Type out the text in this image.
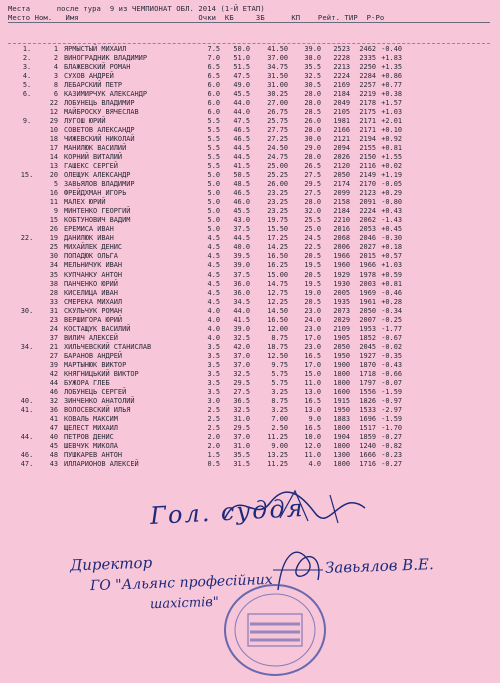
Места      после тура  9 из ЧЕМПИОНАТ ОБЛ. 2014 (1-Й ЕТАП)
Место Ном.   Имя                           Очки  КБ     ЗБ      КП    Рейт. ТИР  Р-Ро
1.	1 ЯРМЫСТЫЙ МИХАИЛ	7.5	50.0	41.50	39.0	2523	2462 -0.40
2.	2 ВИНОГРАДНИК ВЛАДИМИР	7.0	51.0	37.00	38.0	2228	2335 +1.83
3.	4 БЛАЖЕВСКИЙ РОМАН	6.5	51.5	34.75	35.5	2213	2250 +1.35
4.	3 СУХОВ АНДРЕЙ	6.5	47.5	31.50	32.5	2224	2284 +0.86
5.	8 ЛЕБАРСКИЙ ПЕТР	6.0	49.0	31.00	30.5	2169	2257 +0.77
6.	6 КАЗИМИРЧУК АЛЕКСАНДР	6.0	45.5	30.25	28.0	2184	2219 +0.38
22 ЛОБУНЕЦЬ ВЛАДИМИР	6.0	44.0	27.00	28.0	2049	2178 +1.57
12 МАЙБРОСКУ ВЯЧЕСЛАВ	6.0	44.0	26.75	28.5	2105	2175 +1.03
9.	29 ЛУГОШ ЮРИЙ	5.5	47.5	25.75	26.0	1981	2171 +2.01
10 СОВЕТОВ АЛЕКСАНДР	5.5	46.5	27.75	28.0	2166	2171 +0.10
18 ЧИЖЕВСКИЙ НИКОЛАЙ	5.5	46.5	27.25	30.0	2121	2194 +0.92
17 МАНИЛЮК ВАСИЛИЙ	5.5	44.5	24.50	29.0	2094	2155 +0.81
14 КОРНИЙ ВИТАЛИЙ	5.5	44.5	24.75	28.0	2026	2150 +1.55
13 ГАШЕКС СЕРГЕЙ	5.5	41.5	25.00	26.5	2120	2116 +0.02
15.	20 ОЛЕЩУК АЛЕКСАНДР	5.0	50.5	25.25	27.5	2050	2149 +1.19
5 ЗАВЬЯЛОВ ВЛАДИМИР	5.0	48.5	26.00	29.5	2174	2170 -0.05
16 ФРЕЙДХМАН ИГОРЬ	5.0	46.5	23.25	27.5	2099	2123 +0.29
11 МАЛЕХ ЮРИЙ	5.0	46.0	23.25	28.0	2158	2091 -0.80
9 МИНТЕНКО ГЕОРГИЙ	5.0	45.5	23.25	32.0	2184	2224 +0.43
15 КОБТУНОВИЧ ВАДИМ	5.0	43.0	19.75	25.5	2210	2062 -1.43
26 ЕРЕМИСА ИВАН	5.0	37.5	15.50	25.0	2016	2053 +0.45
22.	19 ДАНИЛЮК ИВАН	4.5	44.5	17.25	24.5	2068	2046 -0.30
25 МИХАЙЛЕК ДЕНИС	4.5	40.0	14.25	22.5	2006	2027 +0.18
30 ПОПАДЮК ОЛЬГА	4.5	39.5	16.50	20.5	1966	2015 +0.57
34 МЕЛЬНИЧУК ИВАН	4.5	39.0	16.25	19.5	1960	1966 +1.03
35 КУПЧАНКУ АНТОН	4.5	37.5	15.00	20.5	1929	1978 +0.59
38 ПАНЧЕНКО ЮРИЙ	4.5	36.0	14.75	19.5	1930	2003 +0.81
28 КИСЕЛИЦА ИВАН	4.5	36.0	12.75	19.0	2005	1969 -0.46
33 СМЕРЕКА МИХАИЛ	4.5	34.5	12.25	20.5	1935	1961 +0.28
30.	31 СКУЛЬЧУК РОМАН	4.0	44.0	14.50	23.0	2073	2050 -0.34
23 ВЕРШИГОРА ЮРИЙ	4.0	41.5	16.50	24.0	2029	2007 -0.25
24 КОСТАЩУК ВАСИЛИЙ	4.0	39.0	12.00	23.0	2109	1953 -1.77
37 ВИЛИЧ АЛЕКСЕЙ	4.0	32.5	8.75	17.0	1905	1852 -0.67
34.	21 ХИЛЬЧЕВСКИЙ СТАНИСЛАВ	3.5	42.0	18.75	23.0	2050	2045 -0.02
27 БАРАНОВ АНДРЕЙ	3.5	37.0	12.50	16.5	1950	1927 -0.35
39 МАРТЫНЮК ВИКТОР	3.5	37.0	9.75	17.0	1900	1870 -0.43
42 КНЯГНИЦЬКИЙ ВИКТОР	3.5	32.5	5.75	15.0	1800	1718 -0.66
44 БУЖОРА ГЛЕБ	3.5	29.5	5.75	11.0	1800	1797 -0.07
46 ЛОБУНЕЦЬ СЕРГЕЙ	3.5	27.5	3.25	13.0	1600	1556 -1.59
40.	32 ЗИНЧЕНКО АНАТОЛИЙ	3.0	36.5	8.75	16.5	1915	1826 -0.97
41.	36 ВОЛОСЕВСКИЙ ИЛЬЯ	2.5	32.5	3.25	13.0	1950	1533 -2.97
41 КОВАЛЬ МАКСИМ	2.5	31.0	7.00	9.0	1883	1696 -1.59
47 ЩЕЛЕСТ МИХАИЛ	2.5	29.5	2.50	16.5	1800	1517 -1.70
44.	40 ПЕТРОВ ДЕНИС	2.0	37.0	11.25	10.0	1904	1859 -0.27
45 ШЕВЧУК МИКОЛА	2.0	31.0	9.00	12.0	1800	1240 -0.82
46.	48 ПУШКАРЕВ АНТОН	1.5	35.5	13.25	11.0	1300	1666 -0.23
47.	43 ИЛЛАРИОНОВ АЛЕКСЕЙ	0.5	31.5	11.25	4.0	1800	1716 -0.27
Гол. суддя
Директор
ГО "Альянс професійних
шахістів"
Завьялов В.Е.
